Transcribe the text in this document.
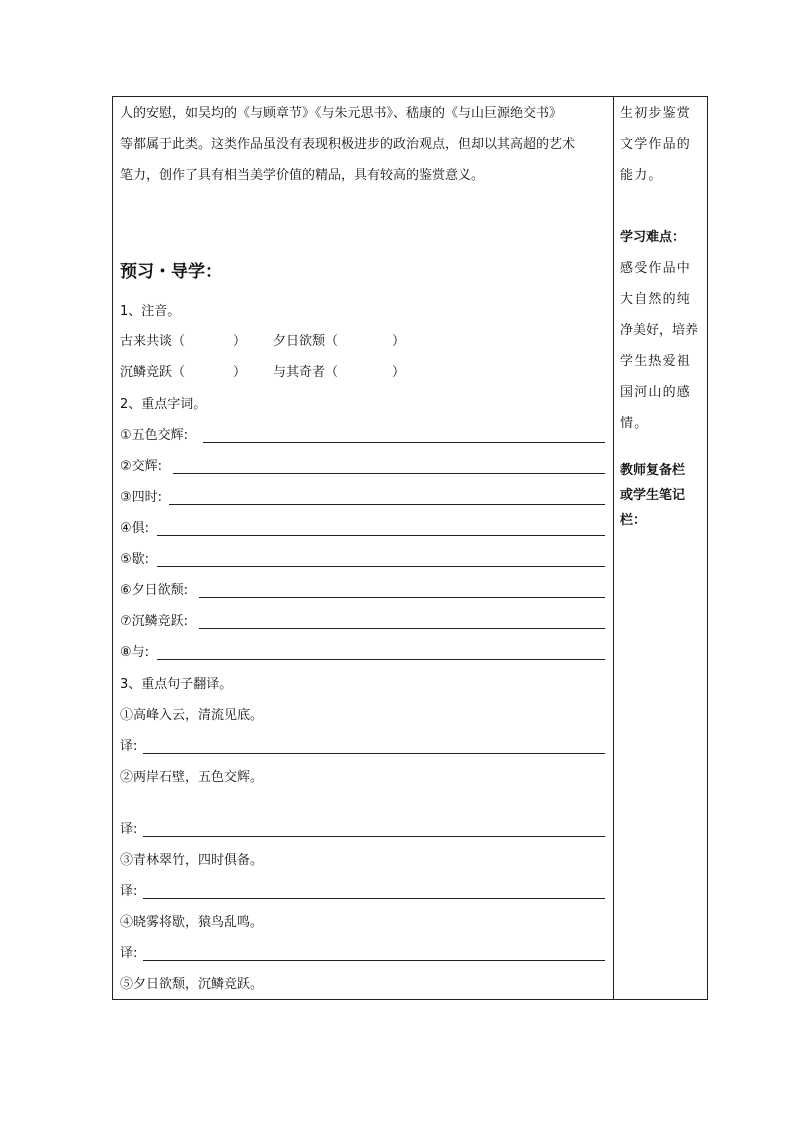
人的安慰，如吴均的《与顾章节》《与朱元思书》、嵇康的《与山巨源绝交书》
等都属于此类。这类作品虽没有表现积极进步的政治观点，但却以其高超的艺术
笔力，创作了具有相当美学价值的精品，具有较高的鉴赏意义。
预习・导学：
1、注音。
古来共谈（	） 夕日欲颓（	）
沉鳞竞跃（	） 与其奇者（	）
2、重点字词。
①五色交辉:
②交辉:
③四时:
④俱:
⑤歇:
⑥夕日欲颓:
⑦沉鳞竞跃:
⑧与:
3、重点句子翻译。
①高峰入云，清流见底。
译:
②两岸石壁，五色交辉。
译:
③青林翠竹，四时俱备。
译:
④晓雾将歇，猿鸟乱鸣。
译:
⑤夕日欲颓，沉鳞竞跃。
生初步鉴赏
文学作品的
能力。
学习难点：
感受作品中
大自然的纯
净美好，培养
学生热爱祖
国河山的感
情。
教师复备栏
或学生笔记
栏：
